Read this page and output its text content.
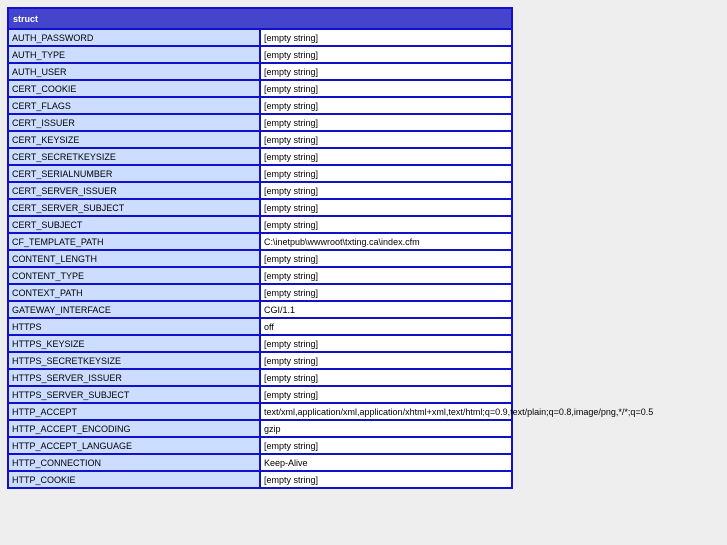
struct	
AUTH_PASSWORD	[empty string]
AUTH_TYPE	[empty string]
AUTH_USER	[empty string]
CERT_COOKIE	[empty string]
CERT_FLAGS	[empty string]
CERT_ISSUER	[empty string]
CERT_KEYSIZE	[empty string]
CERT_SECRETKEYSIZE	[empty string]
CERT_SERIALNUMBER	[empty string]
CERT_SERVER_ISSUER	[empty string]
CERT_SERVER_SUBJECT	[empty string]
CERT_SUBJECT	[empty string]
CF_TEMPLATE_PATH	C:\inetpub\wwwroot\txting.ca\index.cfm
CONTENT_LENGTH	[empty string]
CONTENT_TYPE	[empty string]
CONTEXT_PATH	[empty string]
GATEWAY_INTERFACE	CGI/1.1
HTTPS	off
HTTPS_KEYSIZE	[empty string]
HTTPS_SECRETKEYSIZE	[empty string]
HTTPS_SERVER_ISSUER	[empty string]
HTTPS_SERVER_SUBJECT	[empty string]
HTTP_ACCEPT	text/xml,application/xml,application/xhtml+xml,text/html;q=0.9,text/plain;q=0.8,image/png,*/*;q=0.5
HTTP_ACCEPT_ENCODING	gzip
HTTP_ACCEPT_LANGUAGE	[empty string]
HTTP_CONNECTION	Keep-Alive
HTTP_COOKIE	[empty string]
